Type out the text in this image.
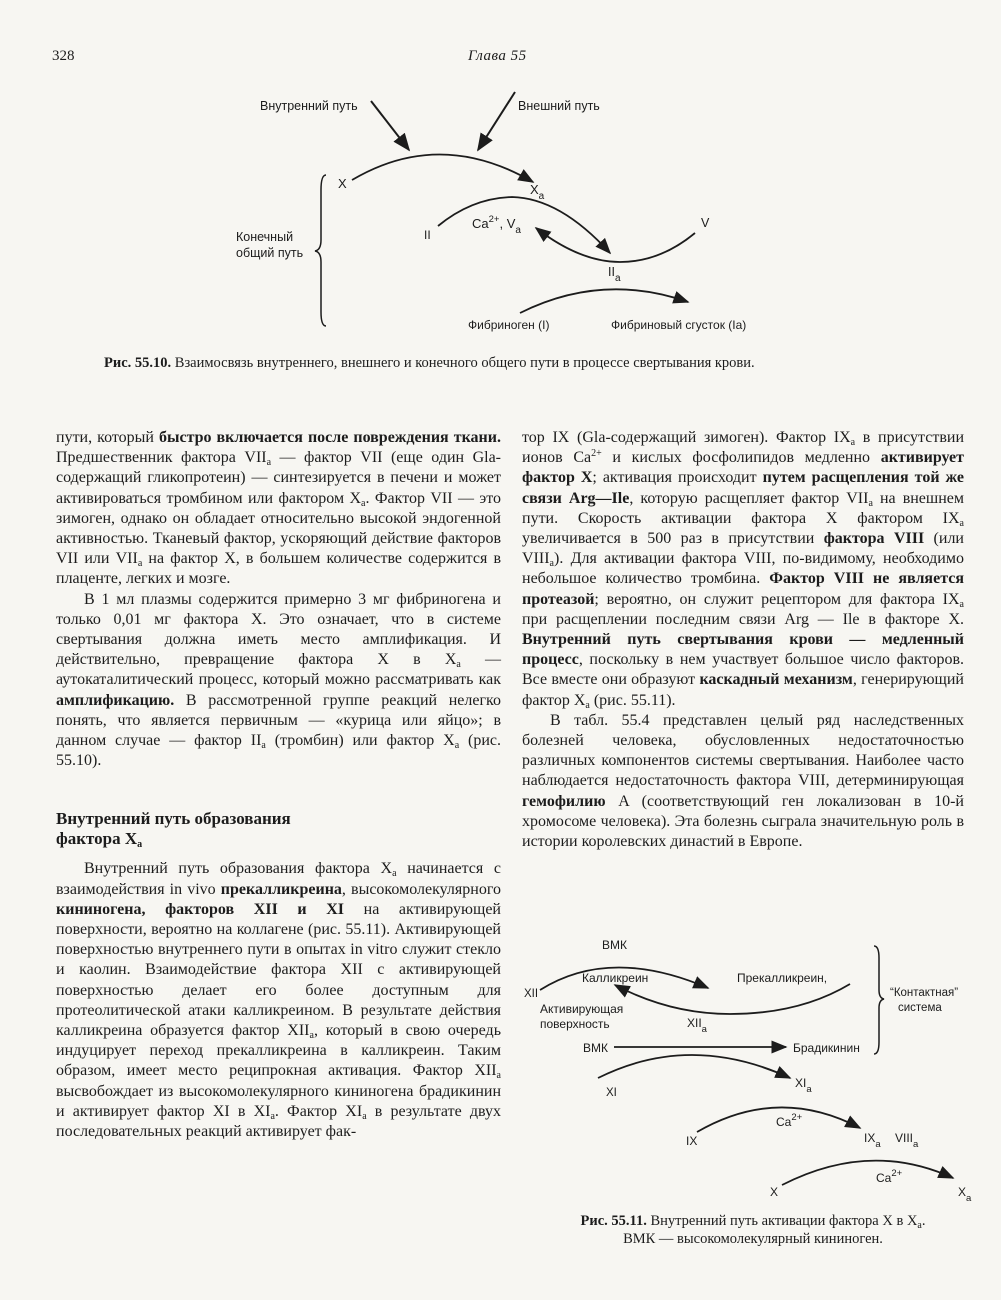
328	Глава 55
Внутренний путь	Внешний путь
Конечный
общий путь
X	$X_a$
II
$Ca^{2+}$, $V_a$
V
$II_a$
Фибриноген (I)	Фибриновый сгусток (Ia)
Рис. 55.10. Взаимосвязь внутреннего, внешнего и конечного общего пути в процессе свертывания крови.

пути, который быстро включается после повреждения ткани. Предшественник фактора $VII_а$ — фактор VII (еще один Gla-содержащий гликопротеин) — синтезируется в печени и может активироваться тромбином или фактором $X_а$. Фактор VII — это зимоген, однако он обладает относительно высокой эндогенной активностью. Тканевый фактор, ускоряющий действие факторов VII или $VII_а$ на фактор X, в большем количестве содержится в плаценте, легких и мозге.

В 1 мл плазмы содержится примерно 3 мг фибриногена и только 0,01 мг фактора X. Это означает, что в системе свертывания должна иметь место амплификация. И действительно, превращение фактора X в $X_а$ — аутокаталитический процесс, который можно рассматривать как амплификацию. В рассмотренной группе реакций нелегко понять, что является первичным — «курица или яйцо»; в данном случае — фактор $II_а$ (тромбин) или фактор $X_а$ (рис. 55.10).

Внутренний путь образования
фактора $X_а$

Внутренний путь образования фактора $X_а$ начинается с взаимодействия in vivo прекалликреина, высокомолекулярного кининогена, факторов XII и XI на активирующей поверхности, вероятно на коллагене (рис. 55.11). Активирующей поверхностью внутреннего пути в опытах in vitro служит стекло и каолин. Взаимодействие фактора XII с активирующей поверхностью делает его более доступным для протеолитической атаки калликреином. В результате действия калликреина образуется фактор $XII_а$, который в свою очередь индуцирует переход прекалликреина в калликреин. Таким образом, имеет место реципрокная активация. Фактор $XII_а$ высвобождает из высокомолекулярного кининогена брадикинин и активирует фактор XI в $XI_а$. Фактор $XI_а$ в результате двух последовательных реакций активирует фак-

тор IX (Gla-содержащий зимоген). Фактор $IX_а$ в присутствии ионов $Ca^{2+}$ и кислых фосфолипидов медленно активирует фактор X; активация происходит путем расщепления той же связи Arg—Ile, которую расщепляет фактор $VII_а$ на внешнем пути. Скорость активации фактора X фактором $IX_а$ увеличивается в 500 раз в присутствии фактора VIII (или $VIII_а$). Для активации фактора VIII, по-видимому, необходимо небольшое количество тромбина. Фактор VIII не является протеазой; вероятно, он служит рецептором для фактора $IX_а$ при расщеплении последним связи Arg — Ile в факторе X. Внутренний путь свертывания крови — медленный процесс, поскольку в нем участвует большое число факторов. Все вместе они образуют каскадный механизм, генерирующий фактор $X_а$ (рис. 55.11).

В табл. 55.4 представлен целый ряд наследственных болезней человека, обусловленных недостаточностью различных компонентов системы свертывания. Наиболее часто наблюдается недостаточность фактора VIII, детерминирующая гемофилию A (соответствующий ген локализован в 10-й хромосоме человека). Эта болезнь сыграла значительную роль в истории королевских династий в Европе.

ВМК
Калликреин	Прекалликреин,
XII
Активирующая
поверхность	$XII_a$
ВМК	Брадикинин
“Контактная”
система
XI
$XI_a$
$Ca^{2+}$
IX	$IX_a$ $VIII_a$
$Ca^{2+}$
X	$X_a$
Рис. 55.11. Внутренний путь активации фактора X в $X_а$.
ВМК — высокомолекулярный кининоген.
